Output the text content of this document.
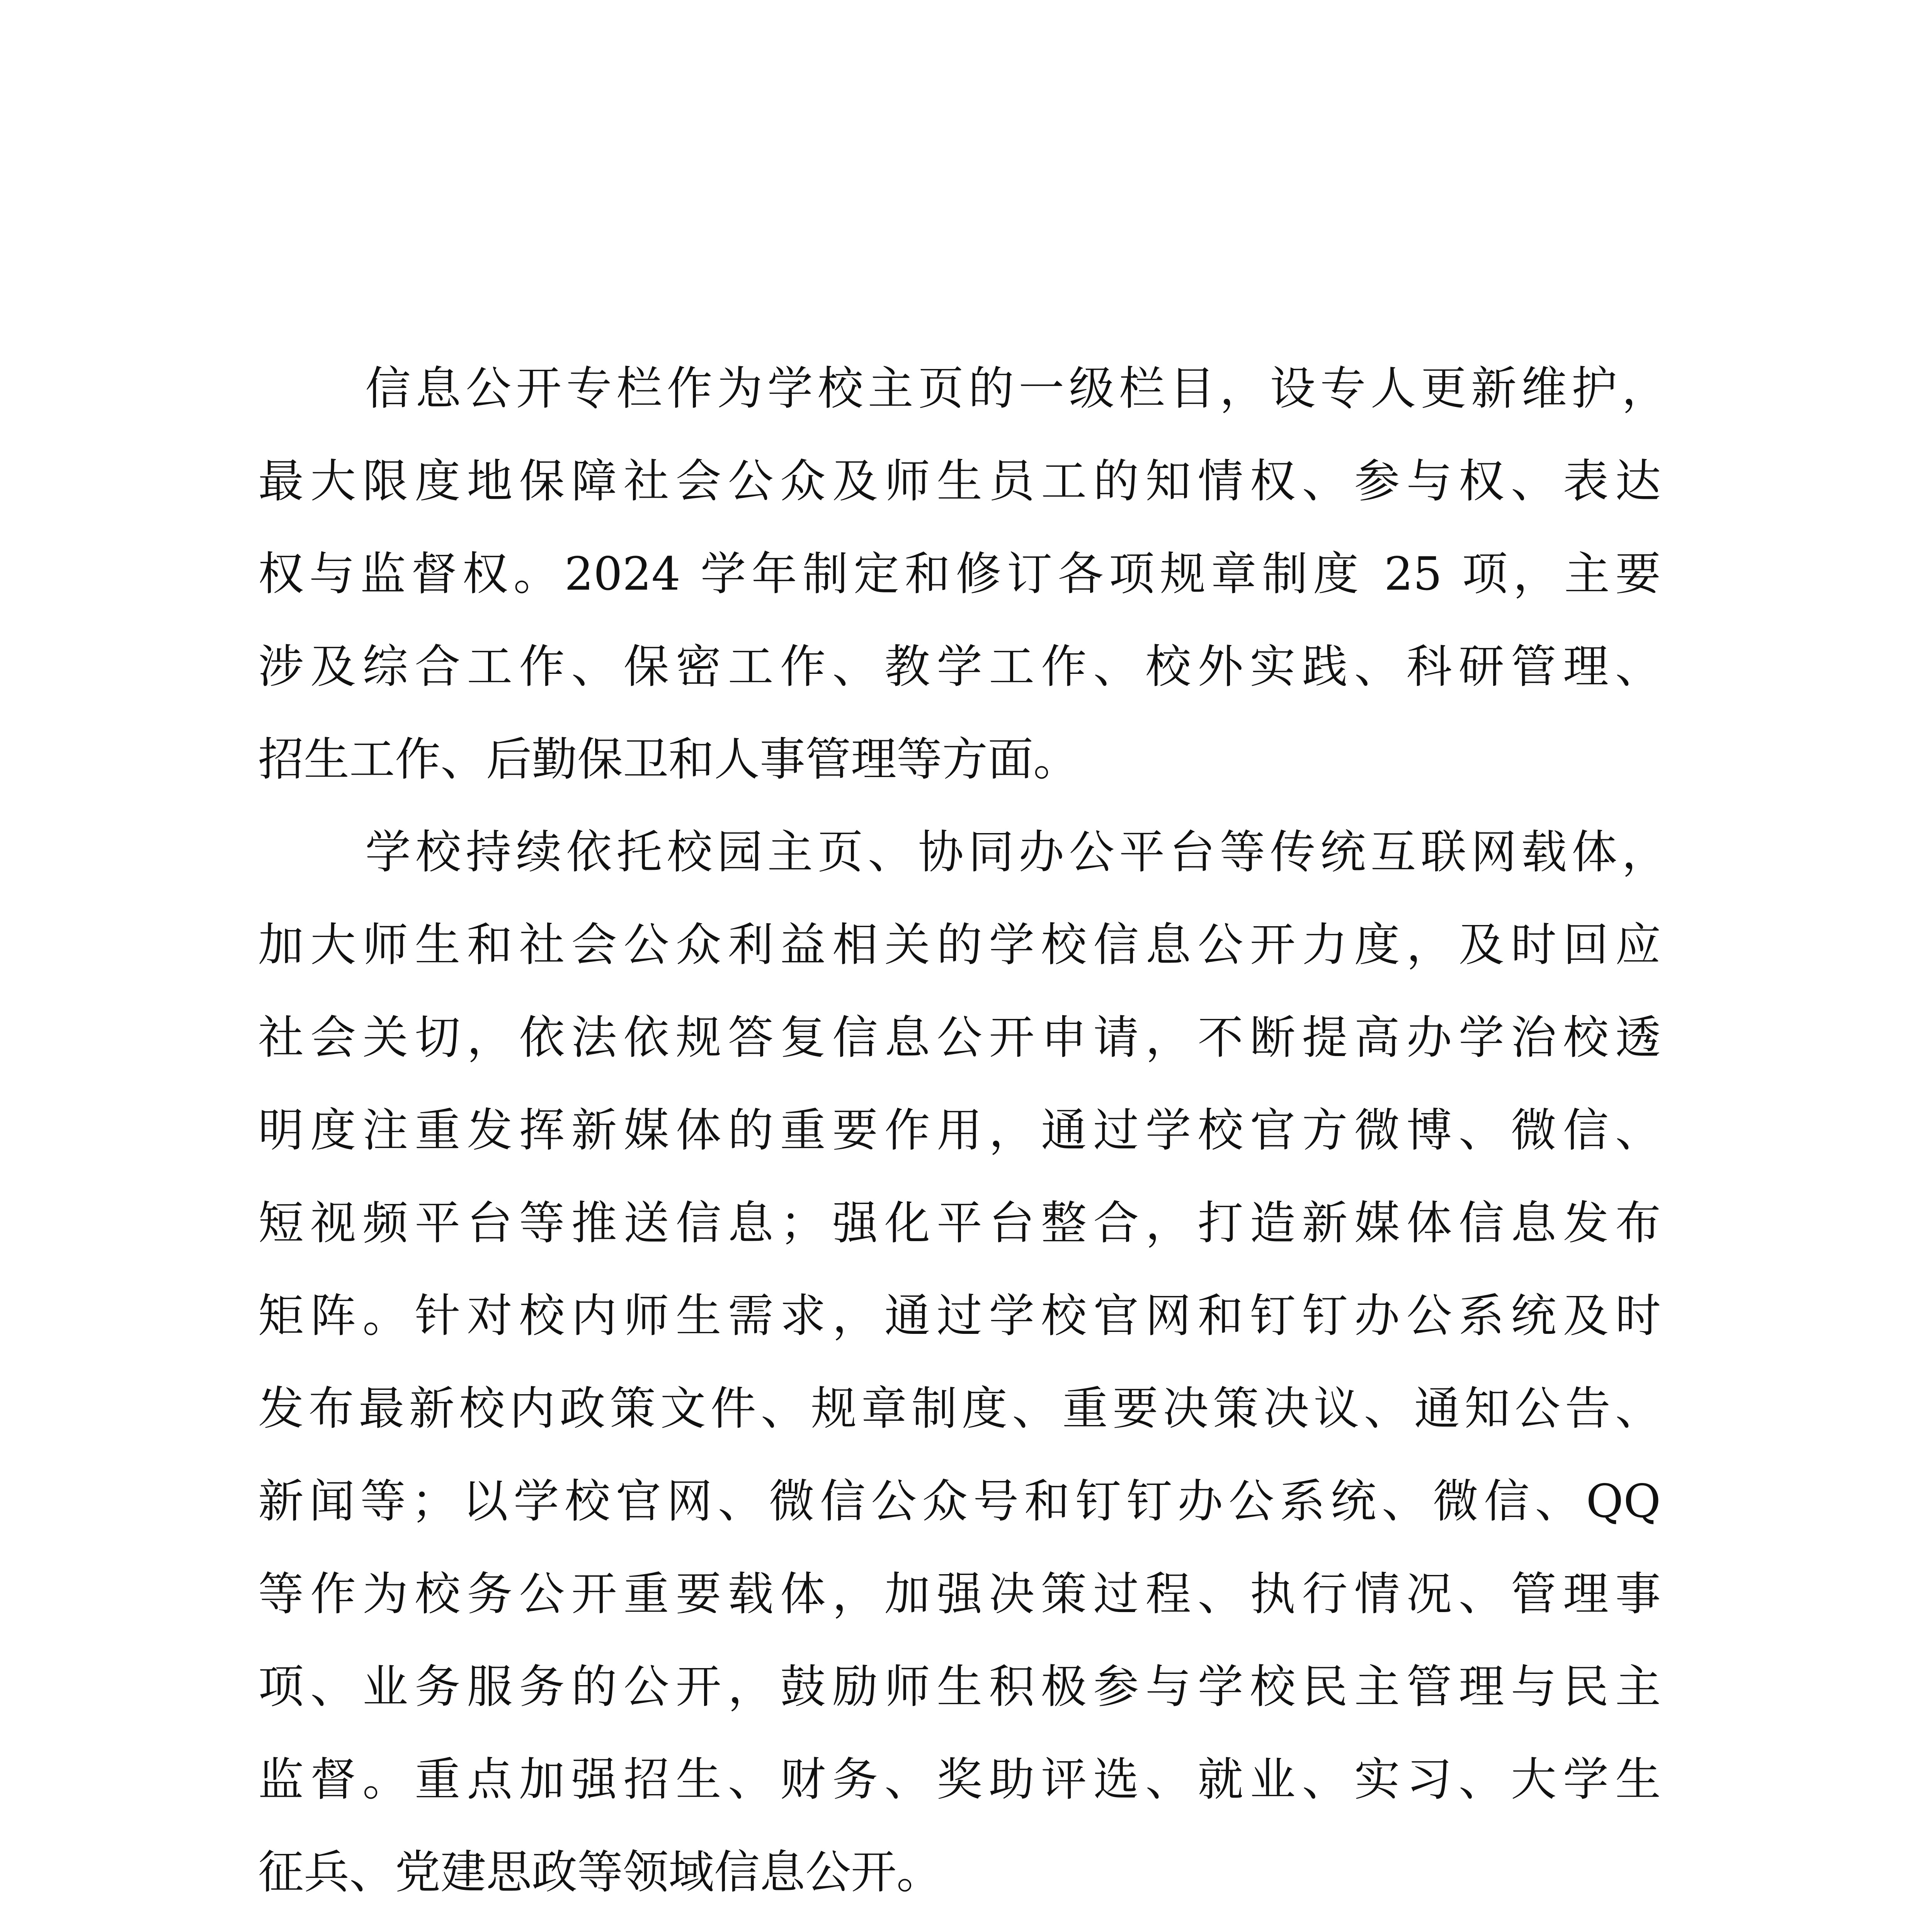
信息公开专栏作为学校主页的一级栏目，设专人更新维护，

最大限度地保障社会公众及师生员工的知情权、参与权、表达

权与监督权。2024 学年制定和修订各项规章制度 25 项，主要

涉及综合工作、保密工作、教学工作、校外实践、科研管理、

招生工作、后勤保卫和人事管理等方面。

学校持续依托校园主页、协同办公平台等传统互联网载体，

加大师生和社会公众利益相关的学校信息公开力度，及时回应

社会关切，依法依规答复信息公开申请，不断提高办学治校透

明度注重发挥新媒体的重要作用，通过学校官方微博、微信、

短视频平台等推送信息；强化平台整合，打造新媒体信息发布

矩阵。针对校内师生需求，通过学校官网和钉钉办公系统及时

发布最新校内政策文件、规章制度、重要决策决议、通知公告、

新闻等；以学校官网、微信公众号和钉钉办公系统、微信、QQ

等作为校务公开重要载体，加强决策过程、执行情况、管理事

项、业务服务的公开，鼓励师生积极参与学校民主管理与民主

监督。重点加强招生、财务、奖助评选、就业、实习、大学生

征兵、党建思政等领域信息公开。
